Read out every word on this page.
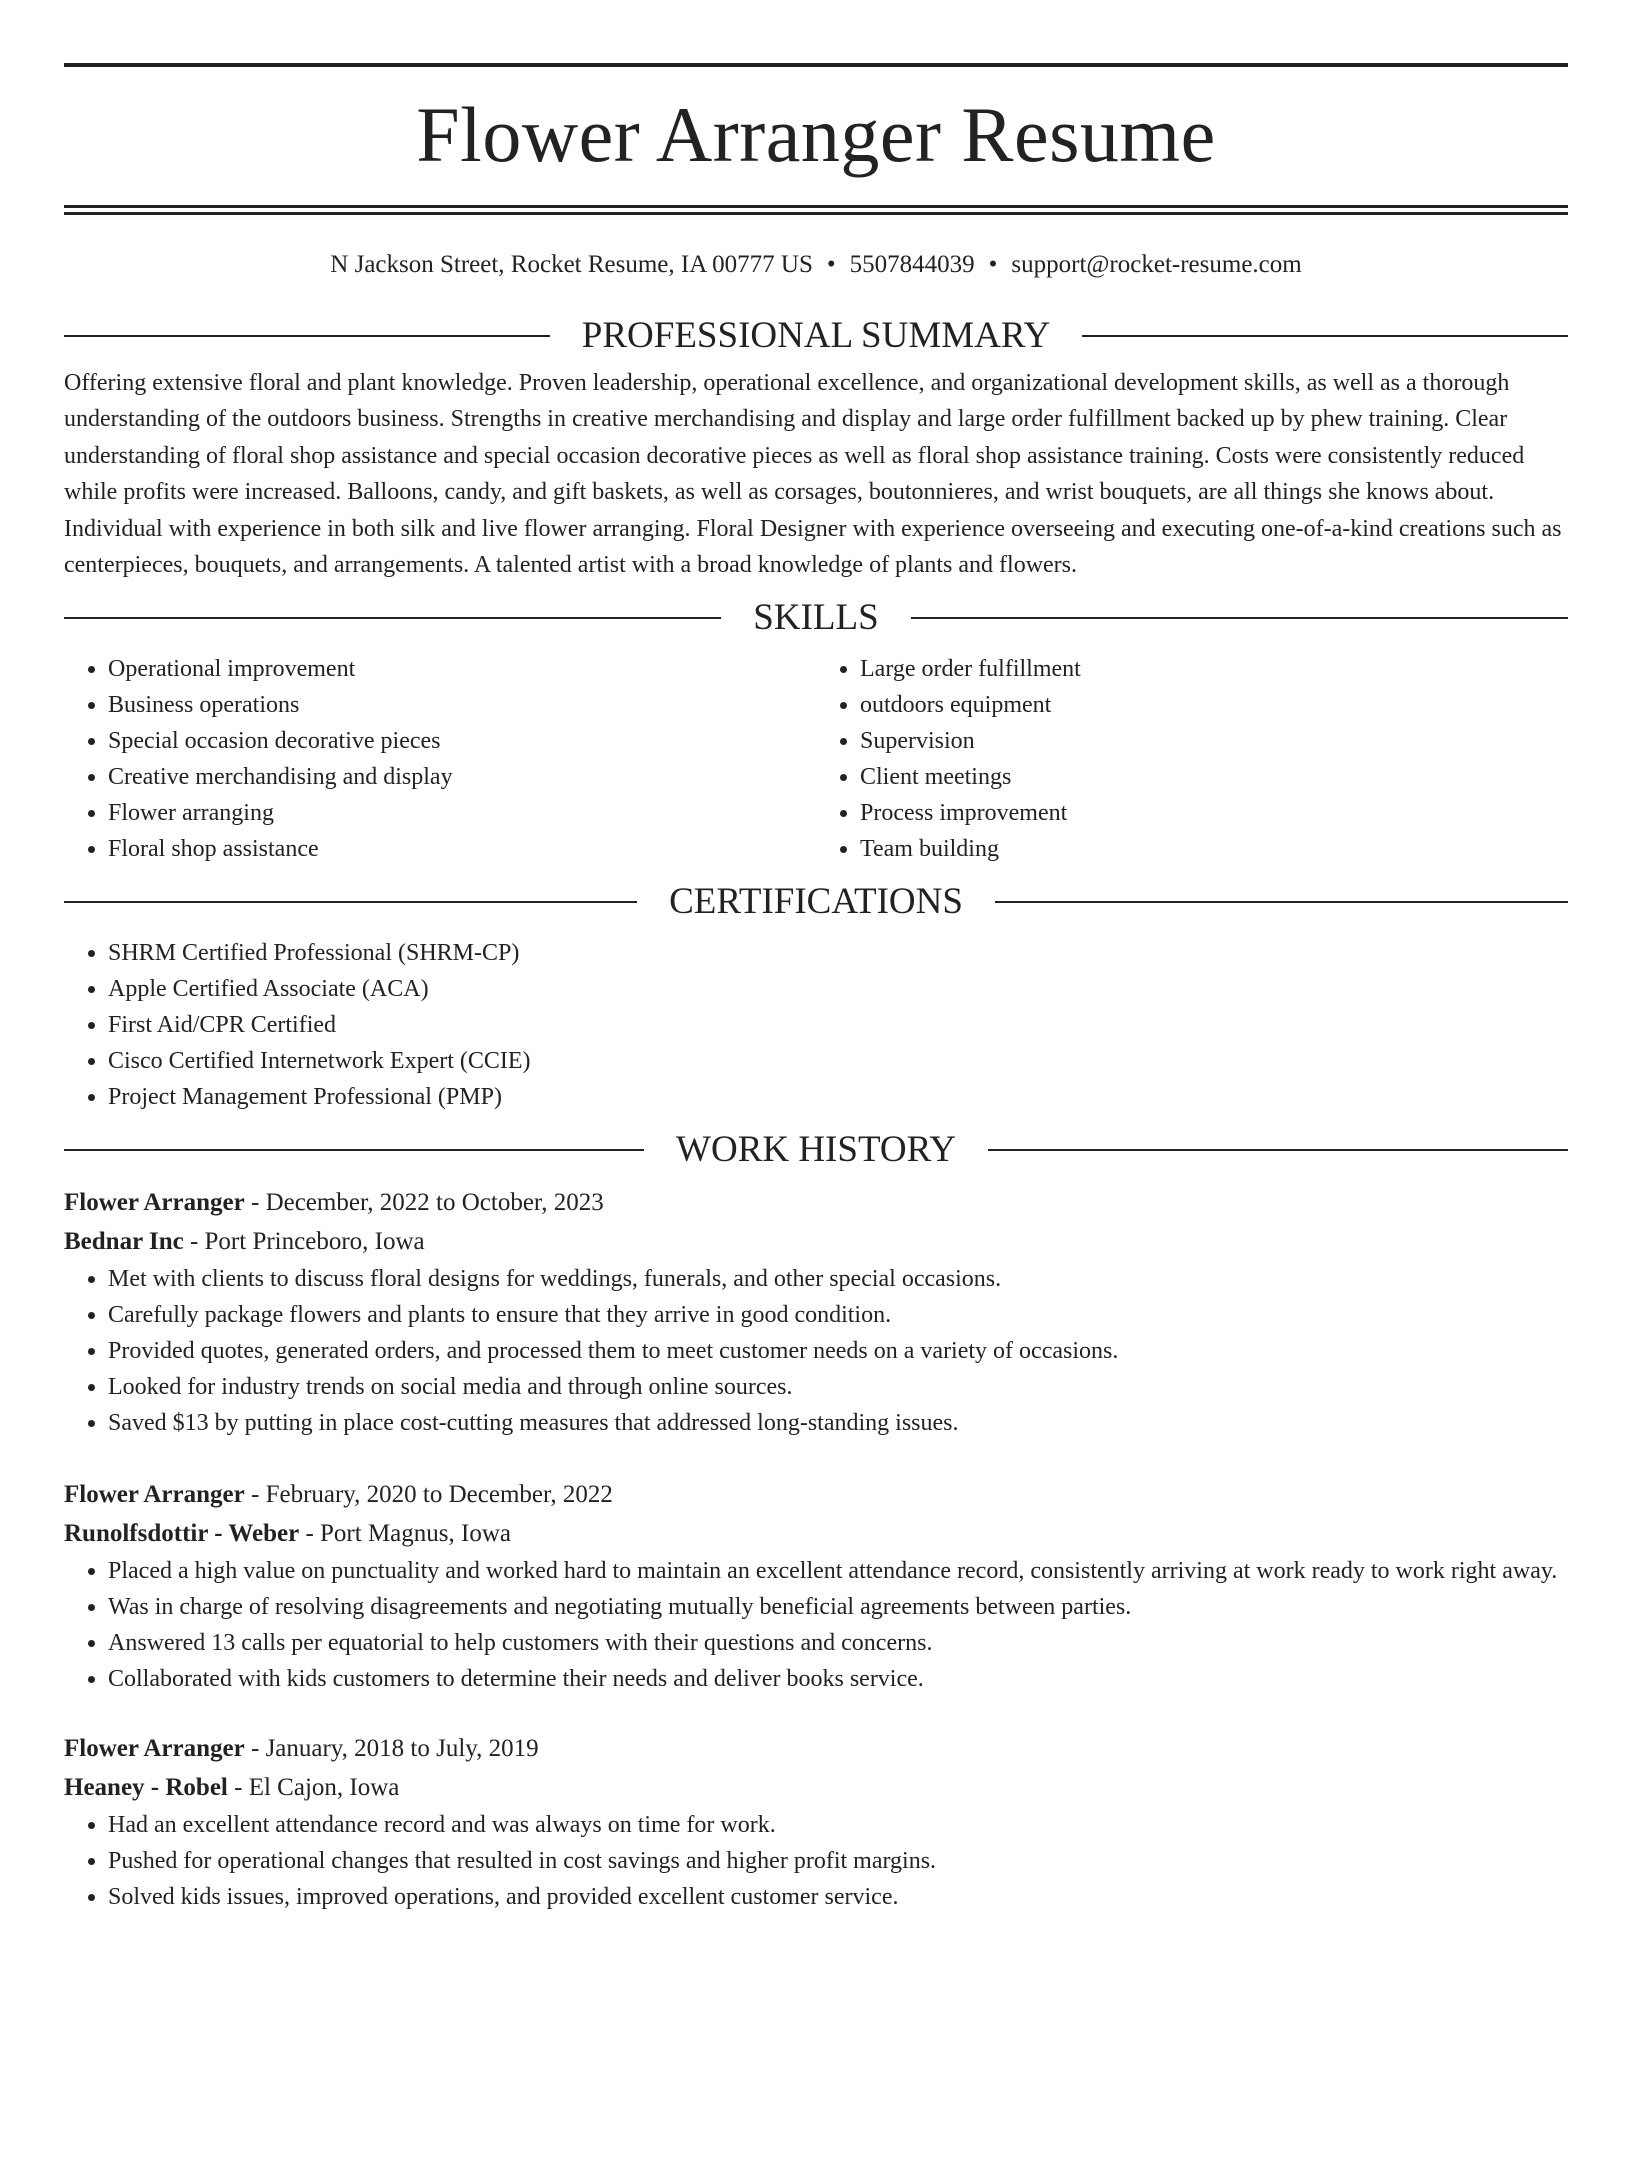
Flower Arranger Resume
N Jackson Street, Rocket Resume, IA 00777 US • 5507844039 • support@rocket-resume.com
PROFESSIONAL SUMMARY

Offering extensive floral and plant knowledge. Proven leadership, operational excellence, and organizational development skills, as well as a thorough understanding of the outdoors business. Strengths in creative merchandising and display and large order fulfillment backed up by phew training. Clear understanding of floral shop assistance and special occasion decorative pieces as well as floral shop assistance training. Costs were consistently reduced while profits were increased. Balloons, candy, and gift baskets, as well as corsages, boutonnieres, and wrist bouquets, are all things she knows about. Individual with experience in both silk and live flower arranging. Floral Designer with experience overseeing and executing one-of-a-kind creations such as centerpieces, bouquets, and arrangements. A talented artist with a broad knowledge of plants and flowers.

SKILLS
• Operational improvement
• Business operations
• Special occasion decorative pieces
• Creative merchandising and display
• Flower arranging
• Floral shop assistance
• Large order fulfillment
• outdoors equipment
• Supervision
• Client meetings
• Process improvement
• Team building
CERTIFICATIONS
• SHRM Certified Professional (SHRM-CP)
• Apple Certified Associate (ACA)
• First Aid/CPR Certified
• Cisco Certified Internetwork Expert (CCIE)
• Project Management Professional (PMP)
WORK HISTORY
Flower Arranger - December, 2022 to October, 2023
Bednar Inc - Port Princeboro, Iowa
• Met with clients to discuss floral designs for weddings, funerals, and other special occasions.
• Carefully package flowers and plants to ensure that they arrive in good condition.
• Provided quotes, generated orders, and processed them to meet customer needs on a variety of occasions.
• Looked for industry trends on social media and through online sources.
• Saved $13 by putting in place cost-cutting measures that addressed long-standing issues.
Flower Arranger - February, 2020 to December, 2022
Runolfsdottir - Weber - Port Magnus, Iowa
• Placed a high value on punctuality and worked hard to maintain an excellent attendance record, consistently arriving at work ready to work right away.
• Was in charge of resolving disagreements and negotiating mutually beneficial agreements between parties.
• Answered 13 calls per equatorial to help customers with their questions and concerns.
• Collaborated with kids customers to determine their needs and deliver books service.
Flower Arranger - January, 2018 to July, 2019
Heaney - Robel - El Cajon, Iowa
• Had an excellent attendance record and was always on time for work.
• Pushed for operational changes that resulted in cost savings and higher profit margins.
• Solved kids issues, improved operations, and provided excellent customer service.
